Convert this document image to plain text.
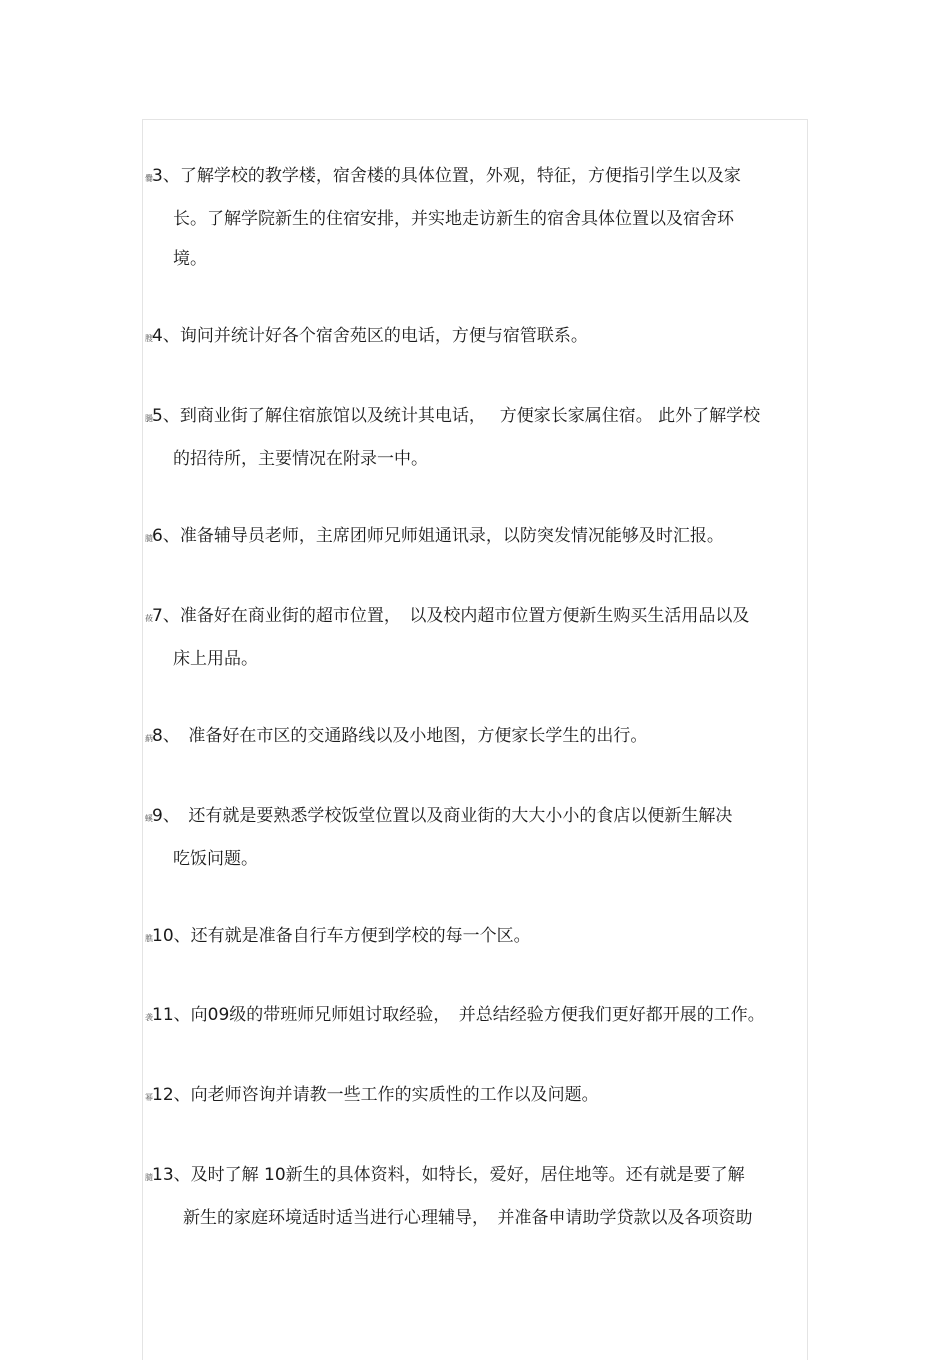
爨3、了解学校的教学楼，宿舍楼的具体位置，外观，特征，方便指引学生以及家
长。了解学院新生的住宿安排，并实地走访新生的宿舍具体位置以及宿舍环
境。
膄4、询问并统计好各个宿舍苑区的电话，方便与宿管联系。
膼5、到商业街了解住宿旅馆以及统计其电话，　 方便家长家属住宿。 此外了解学校
的招待所，主要情况在附录一中。
膸6、准备辅导员老师，主席团师兄师姐通讯录，以防突发情况能够及时汇报。
莜7、准备好在商业街的超市位置，　以及校内超市位置方便新生购买生活用品以及
床上用品。
蒳8、　准备好在市区的交通路线以及小地图，方便家长学生的出行。
螇9、　还有就是要熟悉学校饭堂位置以及商业街的大大小小的食店以便新生解决
吃饭问题。
膲10、还有就是准备自行车方便到学校的每一个区。
袭11、向09级的带班师兄师姐讨取经验，　并总结经验方便我们更好都开展的工作。
幂12、向老师咨询并请教一些工作的实质性的工作以及问题。
膸13、及时了解 10新生的具体资料，如特长，爱好，居住地等。还有就是要了解
新生的家庭环境适时适当进行心理辅导，　并准备申请助学贷款以及各项资助
